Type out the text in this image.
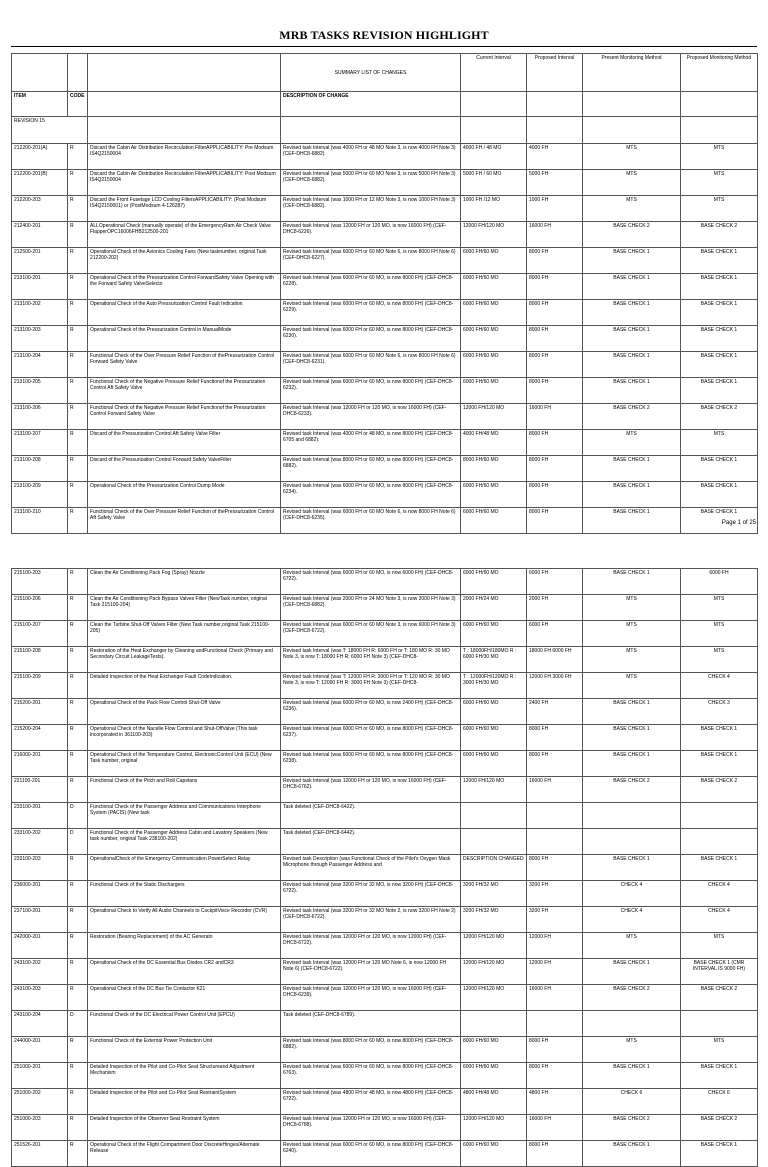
MRB TASKS REVISION HIGHLIGHT
			SUMMARY LIST OF CHANGES	Current Interval	Proposed Interval	Present Monitoring Method	Proposed Monitoring Method
ITEM	CODE		DESCRIPTION OF CHANGE				
REVISION 15							
212200-201(A)	R	Discard the Cabin Air Distribution Recirculation FilterAPPLICABILITY: Pre Modsum IS4Q2150004	Revised task Interval (was 4000 FH or 48 MO Note 3, is now 4000 FH Note 3) (CEF-DHC8-6882).	4000 FH / 48 MO	4000 FH	MTS	MTS
212200-201(B)	R	Discard the Cabin Air Distribution Recirculation FilterAPPLICABILITY: Post Modsum IS4Q2150004	Revised task Interval (was 5000 FH or 60 MO Note 3, is now 5000 FH Note 3) (CEF-DHC8-6882).	5000 FH / 60 MO	5000 FH	MTS	MTS
212200-203	R	Discard the Front Fuselage LCD Cooling FiltersAPPLICABILITY: (Post Modsum IS4Q2150001) or (PostModsum 4-126287)	Revised task Interval (was 1000 FH or 12 MO Note 3, is now 1000 FH Note 3) (CEF-DHC8-6882).	1000 FH /12 MO	1000 FH	MTS	MTS
212400-201	R	ALLOperational Check (manually operate) of the EmergencyRam Air Check Valve FlapperOPC16006FHB212500-201	Revised task Interval (was 12000 FH or 120 MO, is now 16000 FH) (CEF-DHC8-6226).	12000 FH/120 MO	16000 FH	BASE CHECK 2	BASE CHECK 2
212500-201	R	Operational Check of the Avionics Cooling Fans (New tasknumber, original Task 212200-202)	Revised task Interval (was 6000 FH or 60 MO Note 6, is now 8000 FH Note 6) (CEF-DHC8-6227).	6000 FH/60 MO	8000 FH	BASE CHECK 1	BASE CHECK 1
213100-201	R	Operational Check of the Pressurization Control ForwardSafety Valve Opening with the Forward Safety ValveSelecto	Revised task Interval (was 6000 FH or 60 MO, is now 8000 FH) (CEF-DHC8-6228).	6000 FH/60 MO	8000 FH	BASE CHECK 1	BASE CHECK 1
213100-202	R	Operational Check of the Auto Pressurization Control Fault Indication	Revised task Interval (was 6000 FH or 60 MO, is now 8000 FH) (CEF-DHC8-6229).	6000 FH/60 MO	8000 FH	BASE CHECK 1	BASE CHECK 1
213100-203	R	Operational Check of the Pressurization Control in ManualMode	Revised task Interval (was 6000 FH or 60 MO, is now 8000 FH) (CEF-DHC8-6230).	6000 FH/60 MO	8000 FH	BASE CHECK 1	BASE CHECK 1
213100-204	R	Functional Check of the Over Pressure Relief Function of thePressurization Control Forward Safety Valve	Revised task Interval (was 6000 FH or 60 MO Note 6, is now 8000 FH Note 6) (CEF-DHC8-6231).	6000 FH/60 MO	8000 FH	BASE CHECK 1	BASE CHECK 1
213100-205	R	Functional Check of the Negative Pressure Relief Functionof the Pressurization Control Aft Safety Valve	Revised task Interval (was 6000 FH or 60 MO, is now 8000 FH) (CEF-DHC8-6232).	6000 FH/60 MO	8000 FH	BASE CHECK 1	BASE CHECK 1
213100-206	R	Functional Check of the Negative Pressure Relief Functionof the Pressurization Control Forward Safety Valve	Revised task Interval (was 12000 FH or 120 MO, is now 16000 FH) (CEF-DHC8-6233).	12000 FH/120 MO	16000 FH	BASE CHECK 2	BASE CHECK 2
213100-207	R	Discard of the Pressurization Control Aft Safety Valve Filter	Revised task Interval (was 4000 FH or 48 MO, is now 8000 FH) (CEF-DHC8-6705 and 6882).	4000 FH/48 MO	8000 FH	MTS	MTS
213100-208	R	Discard of the Pressurization Control Forward Safety ValveFilter	Revised task Interval (was 8000 FH or 60 MO, is now 8000 FH) (CEF-DHC8-6882).	8000 FH/60 MO	8000 FH	BASE CHECK 1	BASE CHECK 1
213100-209	R	Operational Check of the Pressurization Control Dump Mode	Revised task Interval (was 6000 FH or 60 MO, is now 8000 FH) (CEF-DHC8-6234).	6000 FH/60 MO	8000 FH	BASE CHECK 1	BASE CHECK 1
213100-210	R	Functional Check of the Over Pressure Relief Function of thePressurization Control Aft Safety Valve	Revised task Interval (was 6000 FH or 60 MO Note 6, is now 8000 FH Note 6) (CEF-DHC8-6235).	6000 FH/60 MO	8000 FH	BASE CHECK 1	BASE CHECK 1
Page 1 of 25
215100-203	R	Clean the Air Conditioning Pack Fog (Spray) Nozzle	Revised task Interval (was 6000 FH or 60 MO, is now 6000 FH) (CEF-DHC8-6722).	6000 FH/60 MO	6000 FH	BASE CHECK 1	6000 FH
215100-206	R	Clean the Air Conditioning Pack Bypass Valves Filter (NewTask number, original Task 215100-204)	Revised task Interval (was 2000 FH or 24 MO Note 3, is now 2000 FH Note 3) (CEF-DHC8-6882).	2000 FH/24 MO	2000 FH	MTS	MTS
215100-207	R	Clean the Turbine Shut-Off Valves Filter (New Task number,original Task 215100-205)	Revised task Interval (was 6000 FH or 60 MO Note 3, is now 6000 FH Note 3) (CEF-DHC8-6722).	6000 FH/60 MO	6000 FH	MTS	MTS
215100-208	R	Restoration of the Heat Exchanger by Cleaning andFunctional Check (Primary and Secondary Circuit LeakageTests).	Revised task Interval (was T: 18000 FH R: 6000 FH or T: 180 MO R: 30 MO Note 3, is now T: 18000 FH R: 6000 FH Note 3) (CEF-DHC8-	T : 18000FH/180MO R : 6000 FH/30 MO	18000 FH 6000 FH	MTS	MTS
215100-209	R	Detailed Inspection of the Heat Exchanger Fault CodeIndication.	Revised task Interval (was T: 12000 FH R: 3000 FH or T: 120 MO R: 30 MO Note 3, is now T: 12000 FH R: 3000 FH Note 3) (CEF-DHC8-	T : 12000FH/120MO R : 3000 FH/30 MO	12000 FH 3000 FH	MTS	CHECK 4
215200-201	R	Operational Check of the Pack Flow Control Shut-Off Valve	Revised task Interval (was 6000 FH or 60 MO, is now 2400 FH) (CEF-DHC8-6236).	6000 FH/60 MO	2400 FH	BASE CHECK 1	CHECK 3
215200-204	R	Operational Check of the Nacelle Flow Control and Shut-OffValve (This task incorporated in 361100-203)	Revised task Interval (was 6000 FH or 60 MO, is now 8000 FH) (CEF-DHC8-6237).	6000 FH/60 MO	8000 FH	BASE CHECK 1	BASE CHECK 1
216000-201	R	Operational Check of the Temperature Control, ElectronicControl Unit (ECU) (New Task number, original	Revised task Interval (was 6000 FH or 60 MO, is now 8000 FH) (CEF-DHC8-6238).	6000 FH/60 MO	8000 FH	BASE CHECK 1	BASE CHECK 1
221100-201	R	Functional Check of the Pitch and Roll Capstans	Revised task Interval (was 12000 FH or 120 MO, is now 16000 FH) (CEF-DHC8-6762).	12000 FH/120 MO	16000 FH	BASE CHECK 2	BASE CHECK 2
233100-201	D	Functional Check of the Passenger Address and Communications Interphone System (PACIS) (New task	Task deleted (CEF-DHC8-6422).				
233100-202	D	Functional Check of the Passenger Address Cabin and Lavatory Speakers (New task number, original Task 238100-202)	Task deleted (CEF-DHC8-6442).				
233100-203	R	OperationalCheck of the Emergency Communication PowerSelect Relay	Revised task Description (was Functional Check of the Pilot's Oxygen Mask Microphone through Passenger Address and	DESCRIPTION CHANGED	8000 FH	BASE CHECK 1	BASE CHECK 1
236000-201	R	Functional Check of the Static Dischargers	Revised task Interval (was 3200 FH or 32 MO, is now 3200 FH) (CEF-DHC8-6722).	3200 FH/32 MO	3200 FH	CHECK 4	CHECK 4
237100-201	R	Operational Check to Verify All Audio Channels to CockpitVoice Recorder (CVR)	Revised task Interval (was 3200 FH or 32 MO Note 2, is now 3200 FH Note 2) (CEF-DHC8-6722).	3200 FH/32 MO	3200 FH	CHECK 4	CHECK 4
242000-201	R	Restoration (Bearing Replacement) of the AC Generato	Revised task Interval (was 12000 FH or 120 MO, is now 12000 FH) (CEF-DHC8-6722).	12000 FH/120 MO	12000 FH	MTS	MTS
243100-202	R	Operational Check of the DC Essential Bus Diodes CR2 andCR3	Revised task Interval (was 12000 FH or 120 MO Note 6, is now 12000 FH Note 6) (CEF-DHC8-6722).	12000 FH/120 MO	12000 FH	BASE CHECK 1	BASE CHECK 1 (CMR INTERVAL IS 9000 FH)
243100-203	R	Operational Check of the DC Bus Tie Contactor K21	Revised task Interval (was 12000 FH or 120 MO, is now 16000 FH) (CEF-DHC8-6239).	12000 FH/120 MO	16000 FH	BASE CHECK 2	BASE CHECK 2
243100-204	D	Functional Check of the DC Electrical Power Control Unit (EPCU)	Task deleted (CEF-DHC8-6789).				
244000-201	R	Functional Check of the External Power Protection Unit	Revised task Interval (was 8000 FH or 60 MO, is now 8000 FH) (CEF-DHC8-6882).	8000 FH/60 MO	8000 FH	MTS	MTS
251000-201	R	Detailed Inspection of the Pilot and Co-Pilot Seat Structureand Adjustment Mechanism	Revised task Interval (was 6000 FH or 60 MO, is now 8000 FH) (CEF-DHC8-6763).	6000 FH/60 MO	8000 FH	BASE CHECK 1	BASE CHECK 1
251000-202	R	Detailed Inspection of the Pilot and Co-Pilot Seat RestraintSystem	Revised task Interval (was 4800 FH or 48 MO, is now 4800 FH) (CEF-DHC8-6722).	4800 FH/48 MO	4800 FH	CHECK 6	CHECK 6
251000-203	R	Detailed Inspection of the Observer Seat Restraint System	Revised task Interval (was 12000 FH or 120 MO, is now 16000 FH) (CEF-DHC8-6788).	12000 FH/120 MO	16000 FH	BASE CHECK 2	BASE CHECK 2
251526-201	R	Operational Check of the Flight Compartment Door DiscreteHinges/Alternate Release	Revised task Interval (was 6000 FH or 60 MO, is now 8000 FH) (CEF-DHC8-6240).	6000 FH/60 MO	8000 FH	BASE CHECK 1	BASE CHECK 1
